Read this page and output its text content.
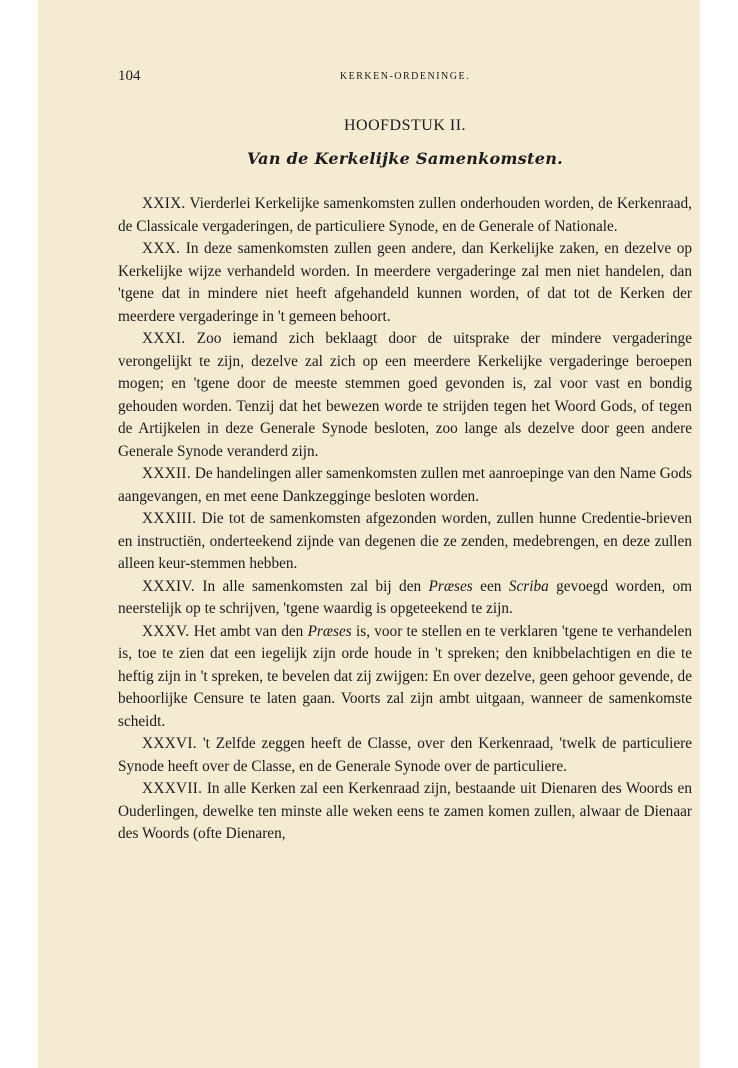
104	KERKEN-ORDENINGE.
HOOFDSTUK II.
Van de Kerkelijke Samenkomsten.

XXIX. Vierderlei Kerkelijke samenkomsten zullen onderhouden worden, de Kerkenraad, de Classicale vergaderingen, de particuliere Synode, en de Generale of Nationale.

XXX. In deze samenkomsten zullen geen andere, dan Kerkelijke zaken, en dezelve op Kerkelijke wijze verhandeld worden. In meerdere vergaderinge zal men niet handelen, dan 'tgene dat in mindere niet heeft afgehandeld kunnen worden, of dat tot de Kerken der meerdere vergaderinge in 't gemeen behoort.

XXXI. Zoo iemand zich beklaagt door de uitsprake der mindere vergaderinge verongelijkt te zijn, dezelve zal zich op een meerdere Kerkelijke vergaderinge beroepen mogen; en 'tgene door de meeste stemmen goed gevonden is, zal voor vast en bondig gehouden worden. Tenzij dat het bewezen worde te strijden tegen het Woord Gods, of tegen de Artijkelen in deze Generale Synode besloten, zoo lange als dezelve door geen andere Generale Synode veranderd zijn.

XXXII. De handelingen aller samenkomsten zullen met aanroepinge van den Name Gods aangevangen, en met eene Dankzegginge besloten worden.

XXXIII. Die tot de samenkomsten afgezonden worden, zullen hunne Credentie-brieven en instructiën, onderteekend zijnde van degenen die ze zenden, medebrengen, en deze zullen alleen keur-stemmen hebben.

XXXIV. In alle samenkomsten zal bij den Præses een Scriba gevoegd worden, om neerstelijk op te schrijven, 'tgene waardig is opgeteekend te zijn.

XXXV. Het ambt van den Præses is, voor te stellen en te verklaren 'tgene te verhandelen is, toe te zien dat een iegelijk zijn orde houde in 't spreken; den knibbelachtigen en die te heftig zijn in 't spreken, te bevelen dat zij zwijgen: En over dezelve, geen gehoor gevende, de behoorlijke Censure te laten gaan. Voorts zal zijn ambt uitgaan, wanneer de samenkomste scheidt.

XXXVI. 't Zelfde zeggen heeft de Classe, over den Kerkenraad, 'twelk de particuliere Synode heeft over de Classe, en de Generale Synode over de particuliere.

XXXVII. In alle Kerken zal een Kerkenraad zijn, bestaande uit Dienaren des Woords en Ouderlingen, dewelke ten minste alle weken eens te zamen komen zullen, alwaar de Dienaar des Woords (ofte Dienaren,
